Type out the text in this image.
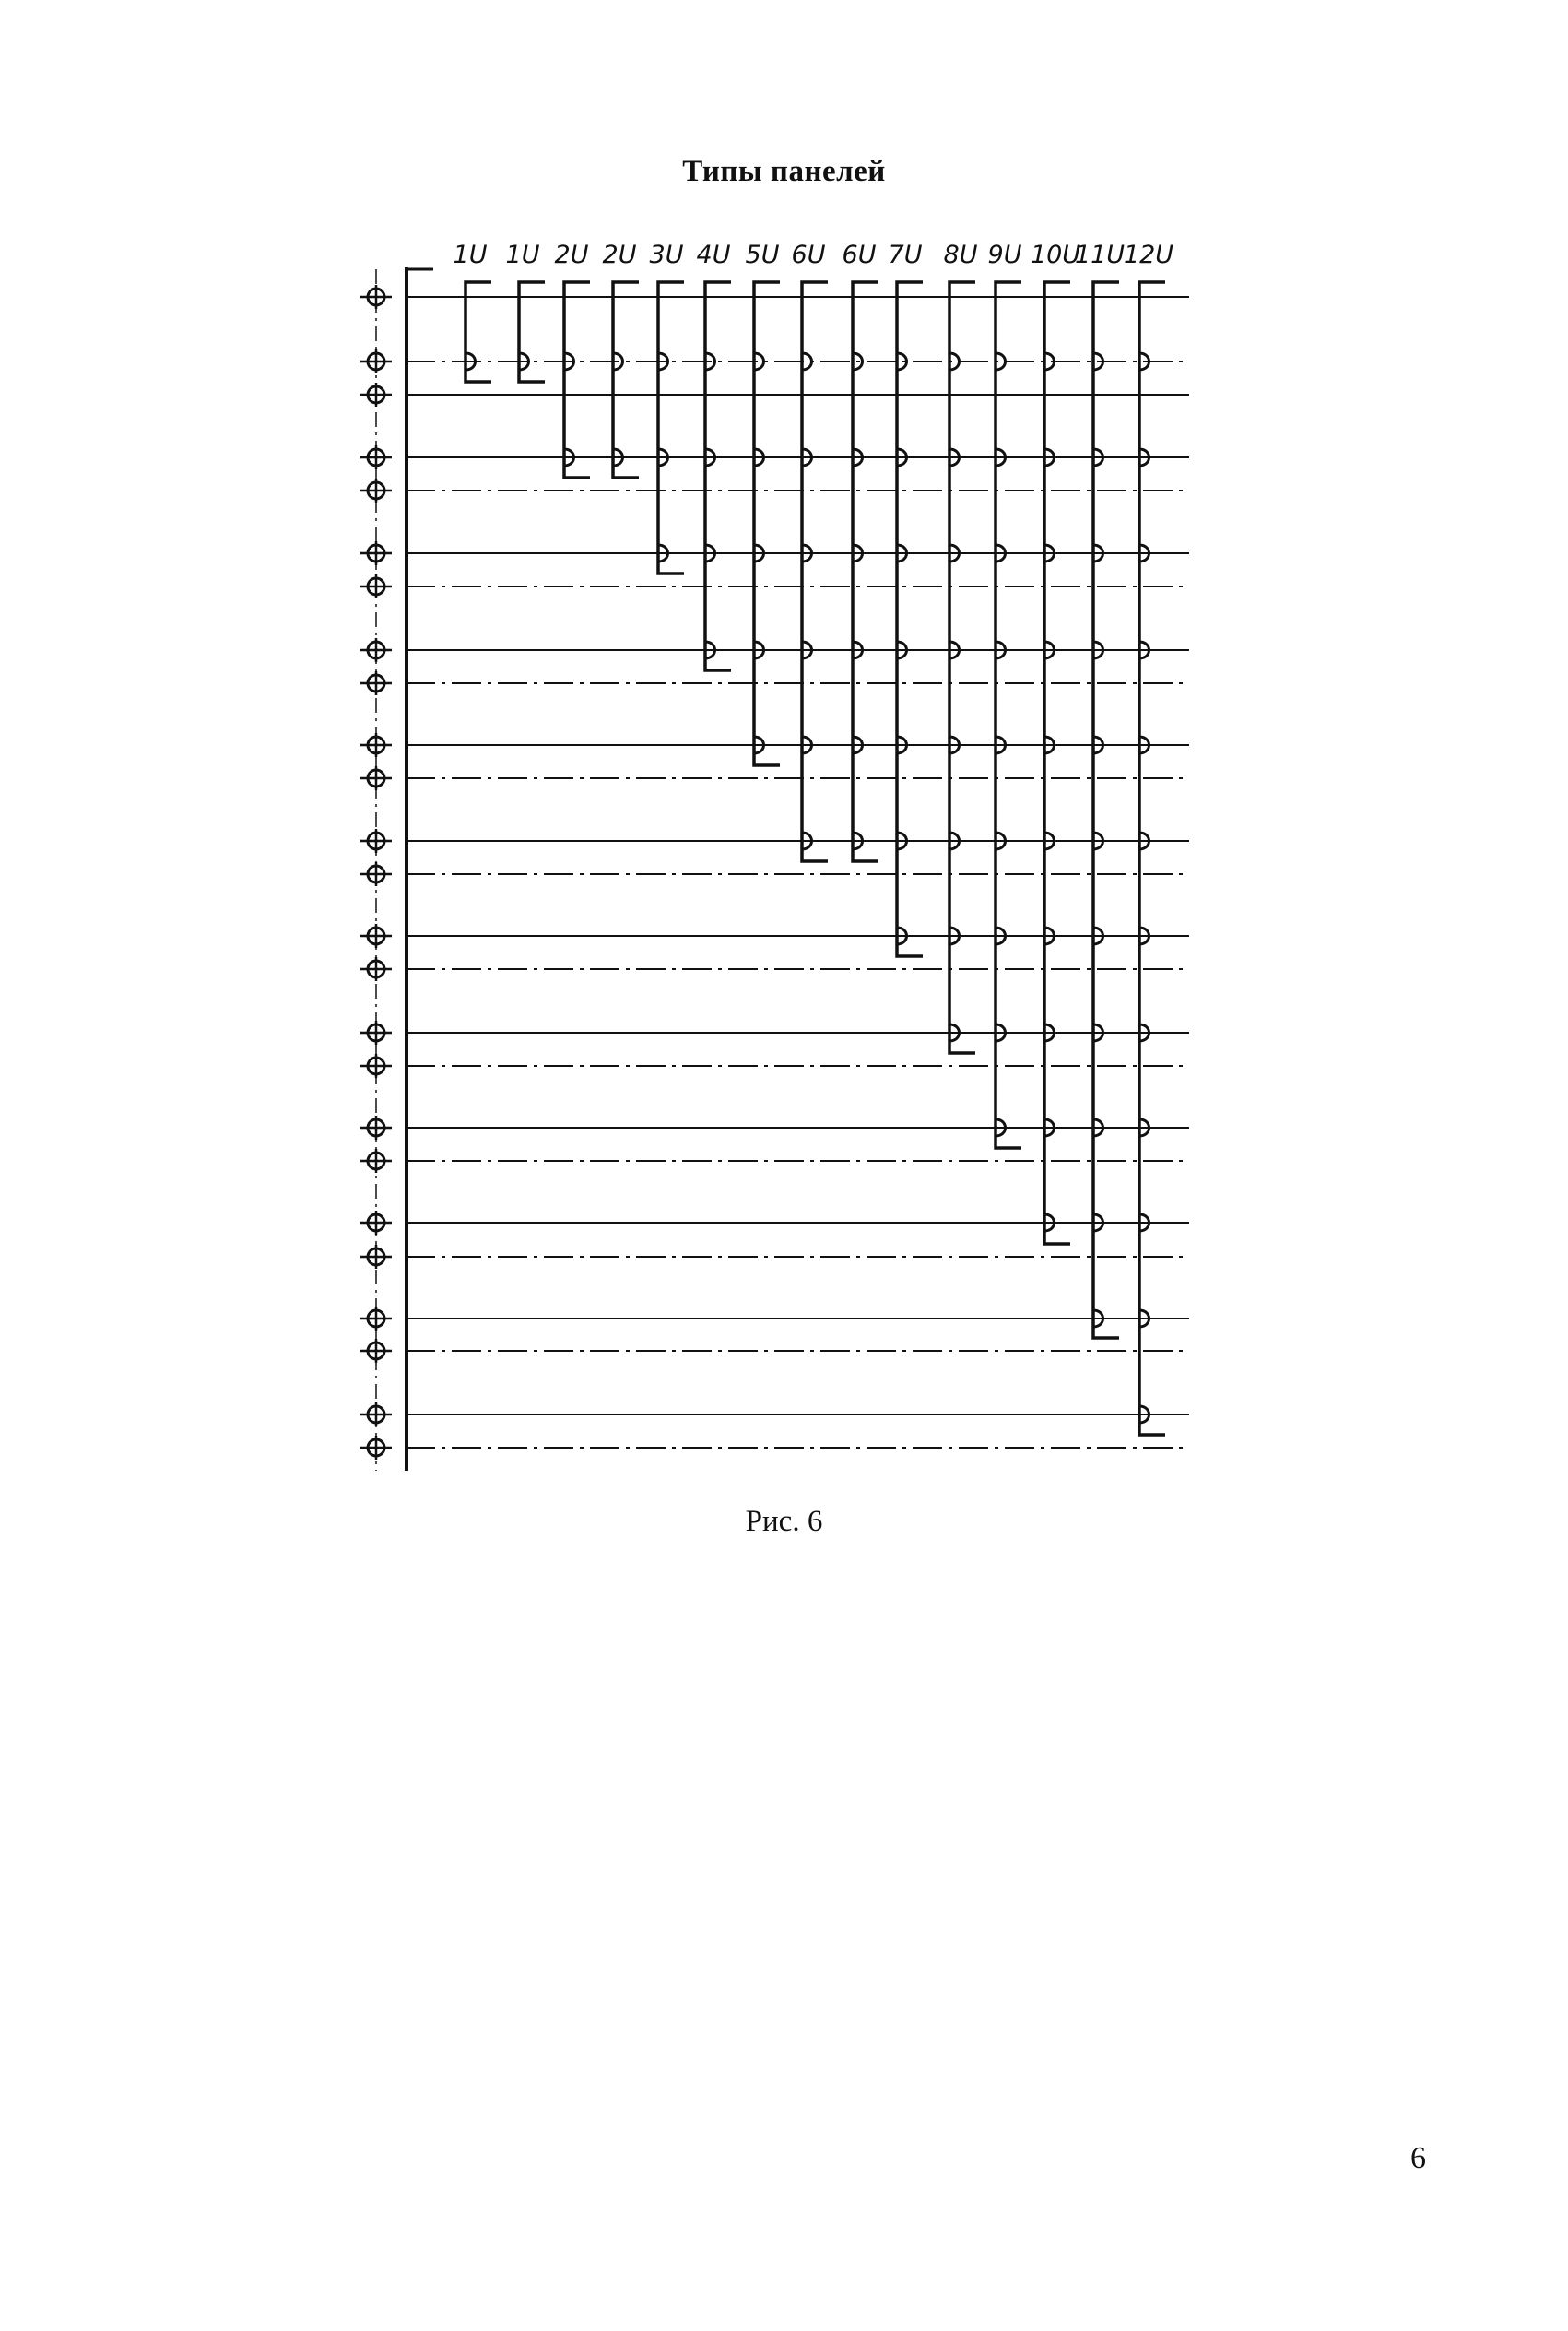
Типы панелей
1U 1U 2U 2U 3U 4U 5U 6U 6U 7U 8U 9U 10U
11U
12U
Рис. 6
6
